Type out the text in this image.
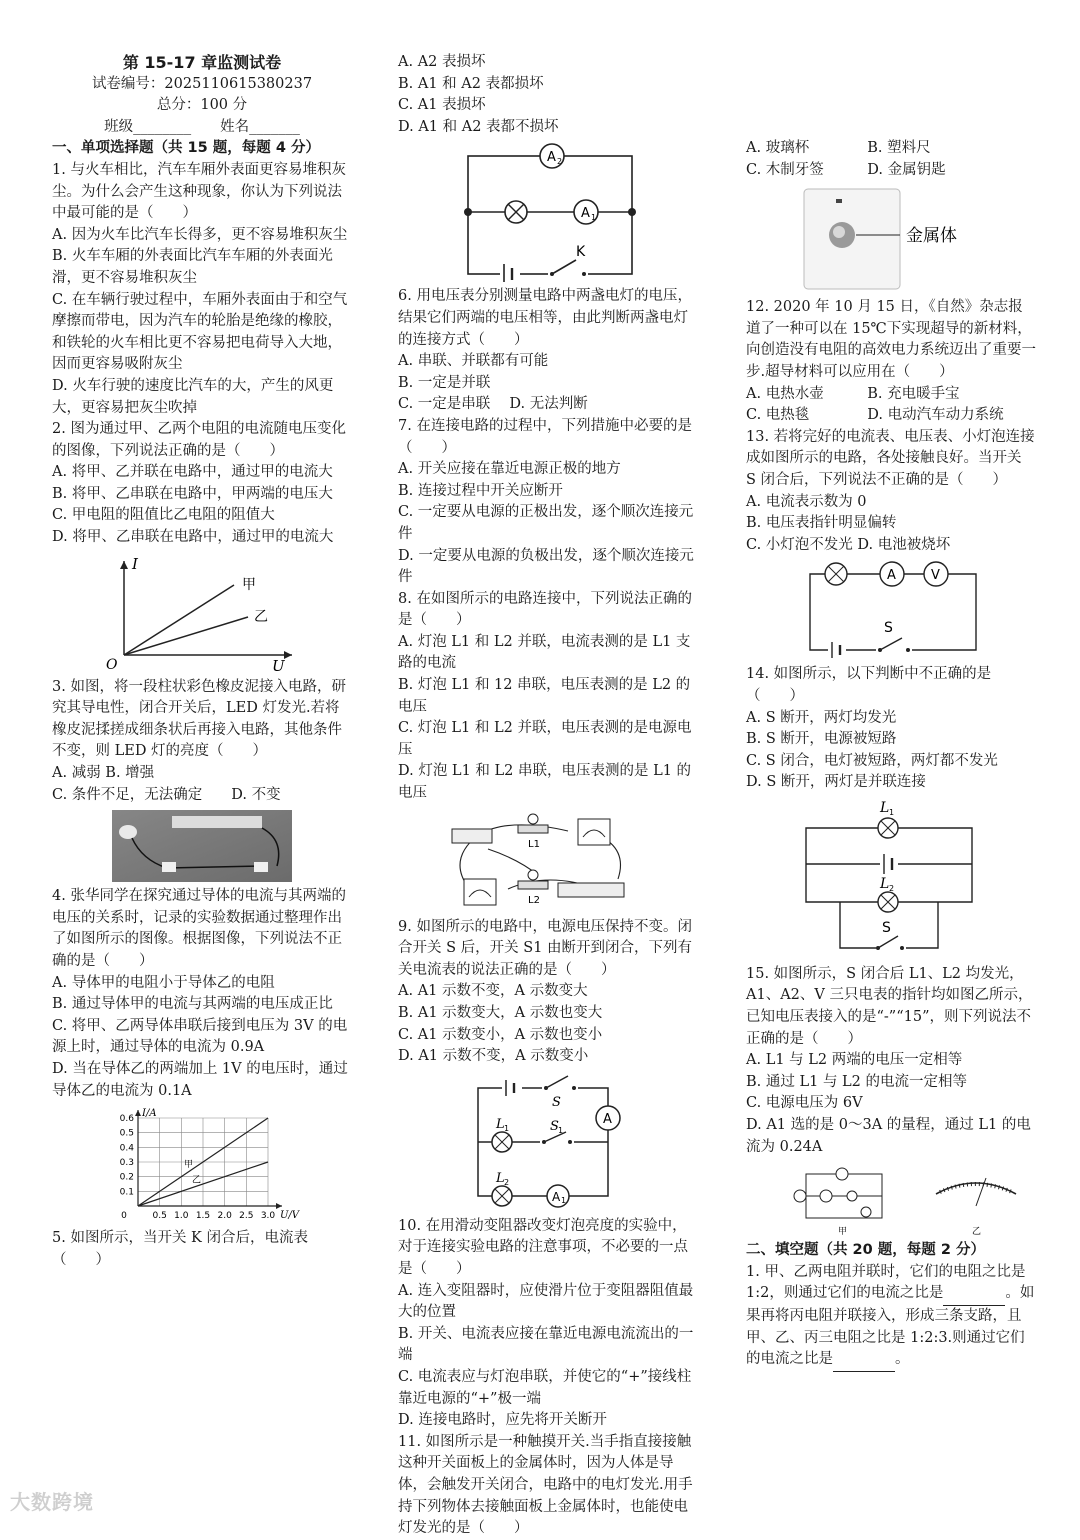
第 15-17 章监测试卷

试卷编号：2025110615380237

总分：100 分

班级________　　姓名_______

一、单项选择题（共 15 题，每题 4 分）

1. 与火车相比，汽车车厢外表面更容易堆积灰尘。为什么会产生这种现象，你认为下列说法中最可能的是（　　）

A. 因为火车比汽车长得多，更不容易堆积灰尘

B. 火车车厢的外表面比汽车车厢的外表面光滑，更不容易堆积灰尘

C. 在车辆行驶过程中，车厢外表面由于和空气摩擦而带电，因为汽车的轮胎是绝缘的橡胶，和铁轮的火车相比更不容易把电荷导入大地，因而更容易吸附灰尘

D. 火车行驶的速度比汽车的大，产生的风更大，更容易把灰尘吹掉

2. 图为通过甲、乙两个电阻的电流随电压变化的图像，下列说法正确的是（　　）

A. 将甲、乙并联在电路中，通过甲的电流大

B. 将甲、乙串联在电路中，甲两端的电压大

C. 甲电阻的阻值比乙电阻的阻值大

D. 将甲、乙串联在电路中，通过甲的电流大

I
U
O
甲
乙

3. 如图，将一段柱状彩色橡皮泥接入电路，研究其导电性，闭合开关后，LED 灯发光.若将橡皮泥揉搓成细条状后再接入电路，其他条件不变，则 LED 灯的亮度（　　）

A. 减弱 B. 增强

C. 条件不足，无法确定　　D. 不变

4. 张华同学在探究通过导体的电流与其两端的电压的关系时，记录的实验数据通过整理作出了如图所示的图像。根据图像，下列说法不正确的是（　　）

A. 导体甲的电阻小于导体乙的电阻

B. 通过导体甲的电流与其两端的电压成正比

C. 将甲、乙两导体串联后接到电压为 3V 的电源上时，通过导体的电流为 0.9A

D. 当在导体乙的两端加上 1V 的电压时，通过导体乙的电流为 0.1A

甲
乙
0.1
0.2
0.3
0.4
0.5
0.6
0	0.5 1.0 1.5 2.0 2.5 3.0
I/A
U/V

5. 如图所示，当开关 K 闭合后，电流表（　　）

A. A2 表损坏

B. A1 和 A2 表都损坏

C. A1 表损坏

D. A1 和 A2 表都不损坏

A 2
A 1
K

6. 用电压表分别测量电路中两盏电灯的电压，结果它们两端的电压相等，由此判断两盏电灯的连接方式（　　）

A. 串联、并联都有可能

B. 一定是并联

C. 一定是串联　 D. 无法判断

7. 在连接电路的过程中，下列措施中必要的是（　　）

A. 开关应接在靠近电源正极的地方

B. 连接过程中开关应断开

C. 一定要从电源的正极出发，逐个顺次连接元件

D. 一定要从电源的负极出发，逐个顺次连接元件

8. 在如图所示的电路连接中，下列说法正确的是（　　）

A. 灯泡 L1 和 L2 并联，电流表测的是 L1 支路的电流

B. 灯泡 L1 和 12 串联，电压表测的是 L2 的电压

C. 灯泡 L1 和 L2 并联，电压表测的是电源电压

D. 灯泡 L1 和 L2 串联，电压表测的是 L1 的电压

L1
L2

9. 如图所示的电路中，电源电压保持不变。闭合开关 S 后，开关 S1 由断开到闭合，下列有关电流表的说法正确的是（　　）

A. A1 示数不变，A 示数变大

B. A1 示数变大，A 示数也变大

C. A1 示数变小，A 示数也变小

D. A1 示数不变，A 示数变小

S
A
L 1	S 1
L 2
A 1

10. 在用滑动变阻器改变灯泡亮度的实验中，对于连接实验电路的注意事项，不必要的一点是（　　）

A. 连入变阻器时，应使滑片位于变阻器阻值最大的位置

B. 开关、电流表应接在靠近电源电流流出的一端

C. 电流表应与灯泡串联，并使它的“+”接线柱靠近电源的“+”极一端

D. 连接电路时，应先将开关断开

11. 如图所示是一种触摸开关.当手指直接接触这种开关面板上的金属体时，因为人体是导体，会触发开关闭合，电路中的电灯发光.用手持下列物体去接触面板上金属体时，也能使电灯发光的是（　　）

A. 玻璃杯　　　　B. 塑料尺

C. 木制牙签　　　D. 金属钥匙

金属体

12. 2020 年 10 月 15 日，《自然》杂志报道了一种可以在 15℃下实现超导的新材料，向创造没有电阻的高效电力系统迈出了重要一步.超导材料可以应用在（　　）

A. 电热水壶　　　B. 充电暖手宝

C. 电热毯　　　　D. 电动汽车动力系统

13. 若将完好的电流表、电压表、小灯泡连接成如图所示的电路，各处接触良好。当开关 S 闭合后，下列说法不正确的是（　　）

A. 电流表示数为 0

B. 电压表指针明显偏转

C. 小灯泡不发光 D. 电池被烧坏

A	V
S

14. 如图所示，以下判断中不正确的是（　　）

A. S 断开，两灯均发光

B. S 断开，电源被短路

C. S 闭合，电灯被短路，两灯都不发光

D. S 断开，两灯是并联连接

L 1
L 2
S

15. 如图所示，S 闭合后 L1、L2 均发光，A1、A2、V 三只电表的指针均如图乙所示，已知电压表接入的是“-”“15”，则下列说法不正确的是（　　）

A. L1 与 L2 两端的电压一定相等

B. 通过 L1 与 L2 的电流一定相等

C. 电源电压为 6V

D. A1 选的是 0～3A 的量程，通过 L1 的电流为 0.24A

甲	乙

二、填空题（共 20 题，每题 2 分）

1. 甲、乙两电阻并联时，它们的电阻之比是 1:2，则通过它们的电流之比是	。如果再将丙电阻并联接入，形成三条支路，且甲、乙、丙三电阻之比是 1:2:3.则通过它们的电流之比是	。

大数跨境
